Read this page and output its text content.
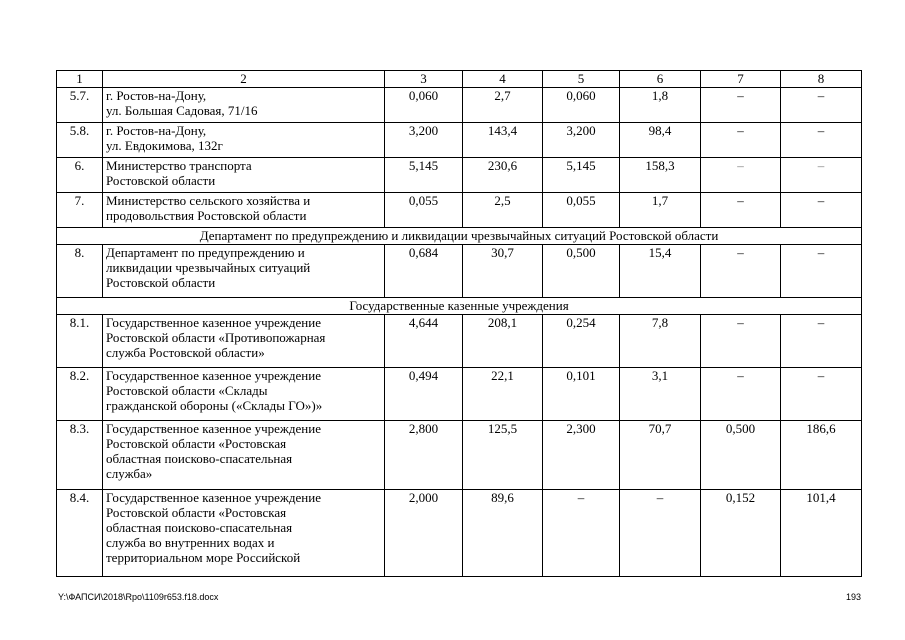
1	2	3	4	5	6	7	8
5.7.	г. Ростов-на-Дону,
ул. Большая Садовая, 71/16	0,060	2,7	0,060	1,8	–	–
5.8.	г. Ростов-на-Дону,
ул. Евдокимова, 132г	3,200	143,4	3,200	98,4	–	–
6.	Министерство транспорта
Ростовской области	5,145	230,6	5,145	158,3	–	–
7.	Министерство сельского хозяйства и
продовольствия Ростовской области	0,055	2,5	0,055	1,7	–	–
Департамент по предупреждению и ликвидации чрезвычайных ситуаций Ростовской области							
8.	Департамент по предупреждению и
ликвидации чрезвычайных ситуаций
Ростовской области	0,684	30,7	0,500	15,4	–	–
Государственные казенные учреждения							
8.1.	Государственное казенное учреждение
Ростовской области «Противопожарная
служба Ростовской области»	4,644	208,1	0,254	7,8	–	–
8.2.	Государственное казенное учреждение
Ростовской области «Склады
гражданской обороны («Склады ГО»)»	0,494	22,1	0,101	3,1	–	–
8.3.	Государственное казенное учреждение
Ростовской области «Ростовская
областная поисково-спасательная
служба»	2,800	125,5	2,300	70,7	0,500	186,6
8.4.	Государственное казенное учреждение
Ростовской области «Ростовская
областная поисково-спасательная
служба во внутренних водах и
территориальном море Российской	2,000	89,6	–	–	0,152	101,4
Y:\ФАПСИ\2018\Rpo\1109r653.f18.docx	193
